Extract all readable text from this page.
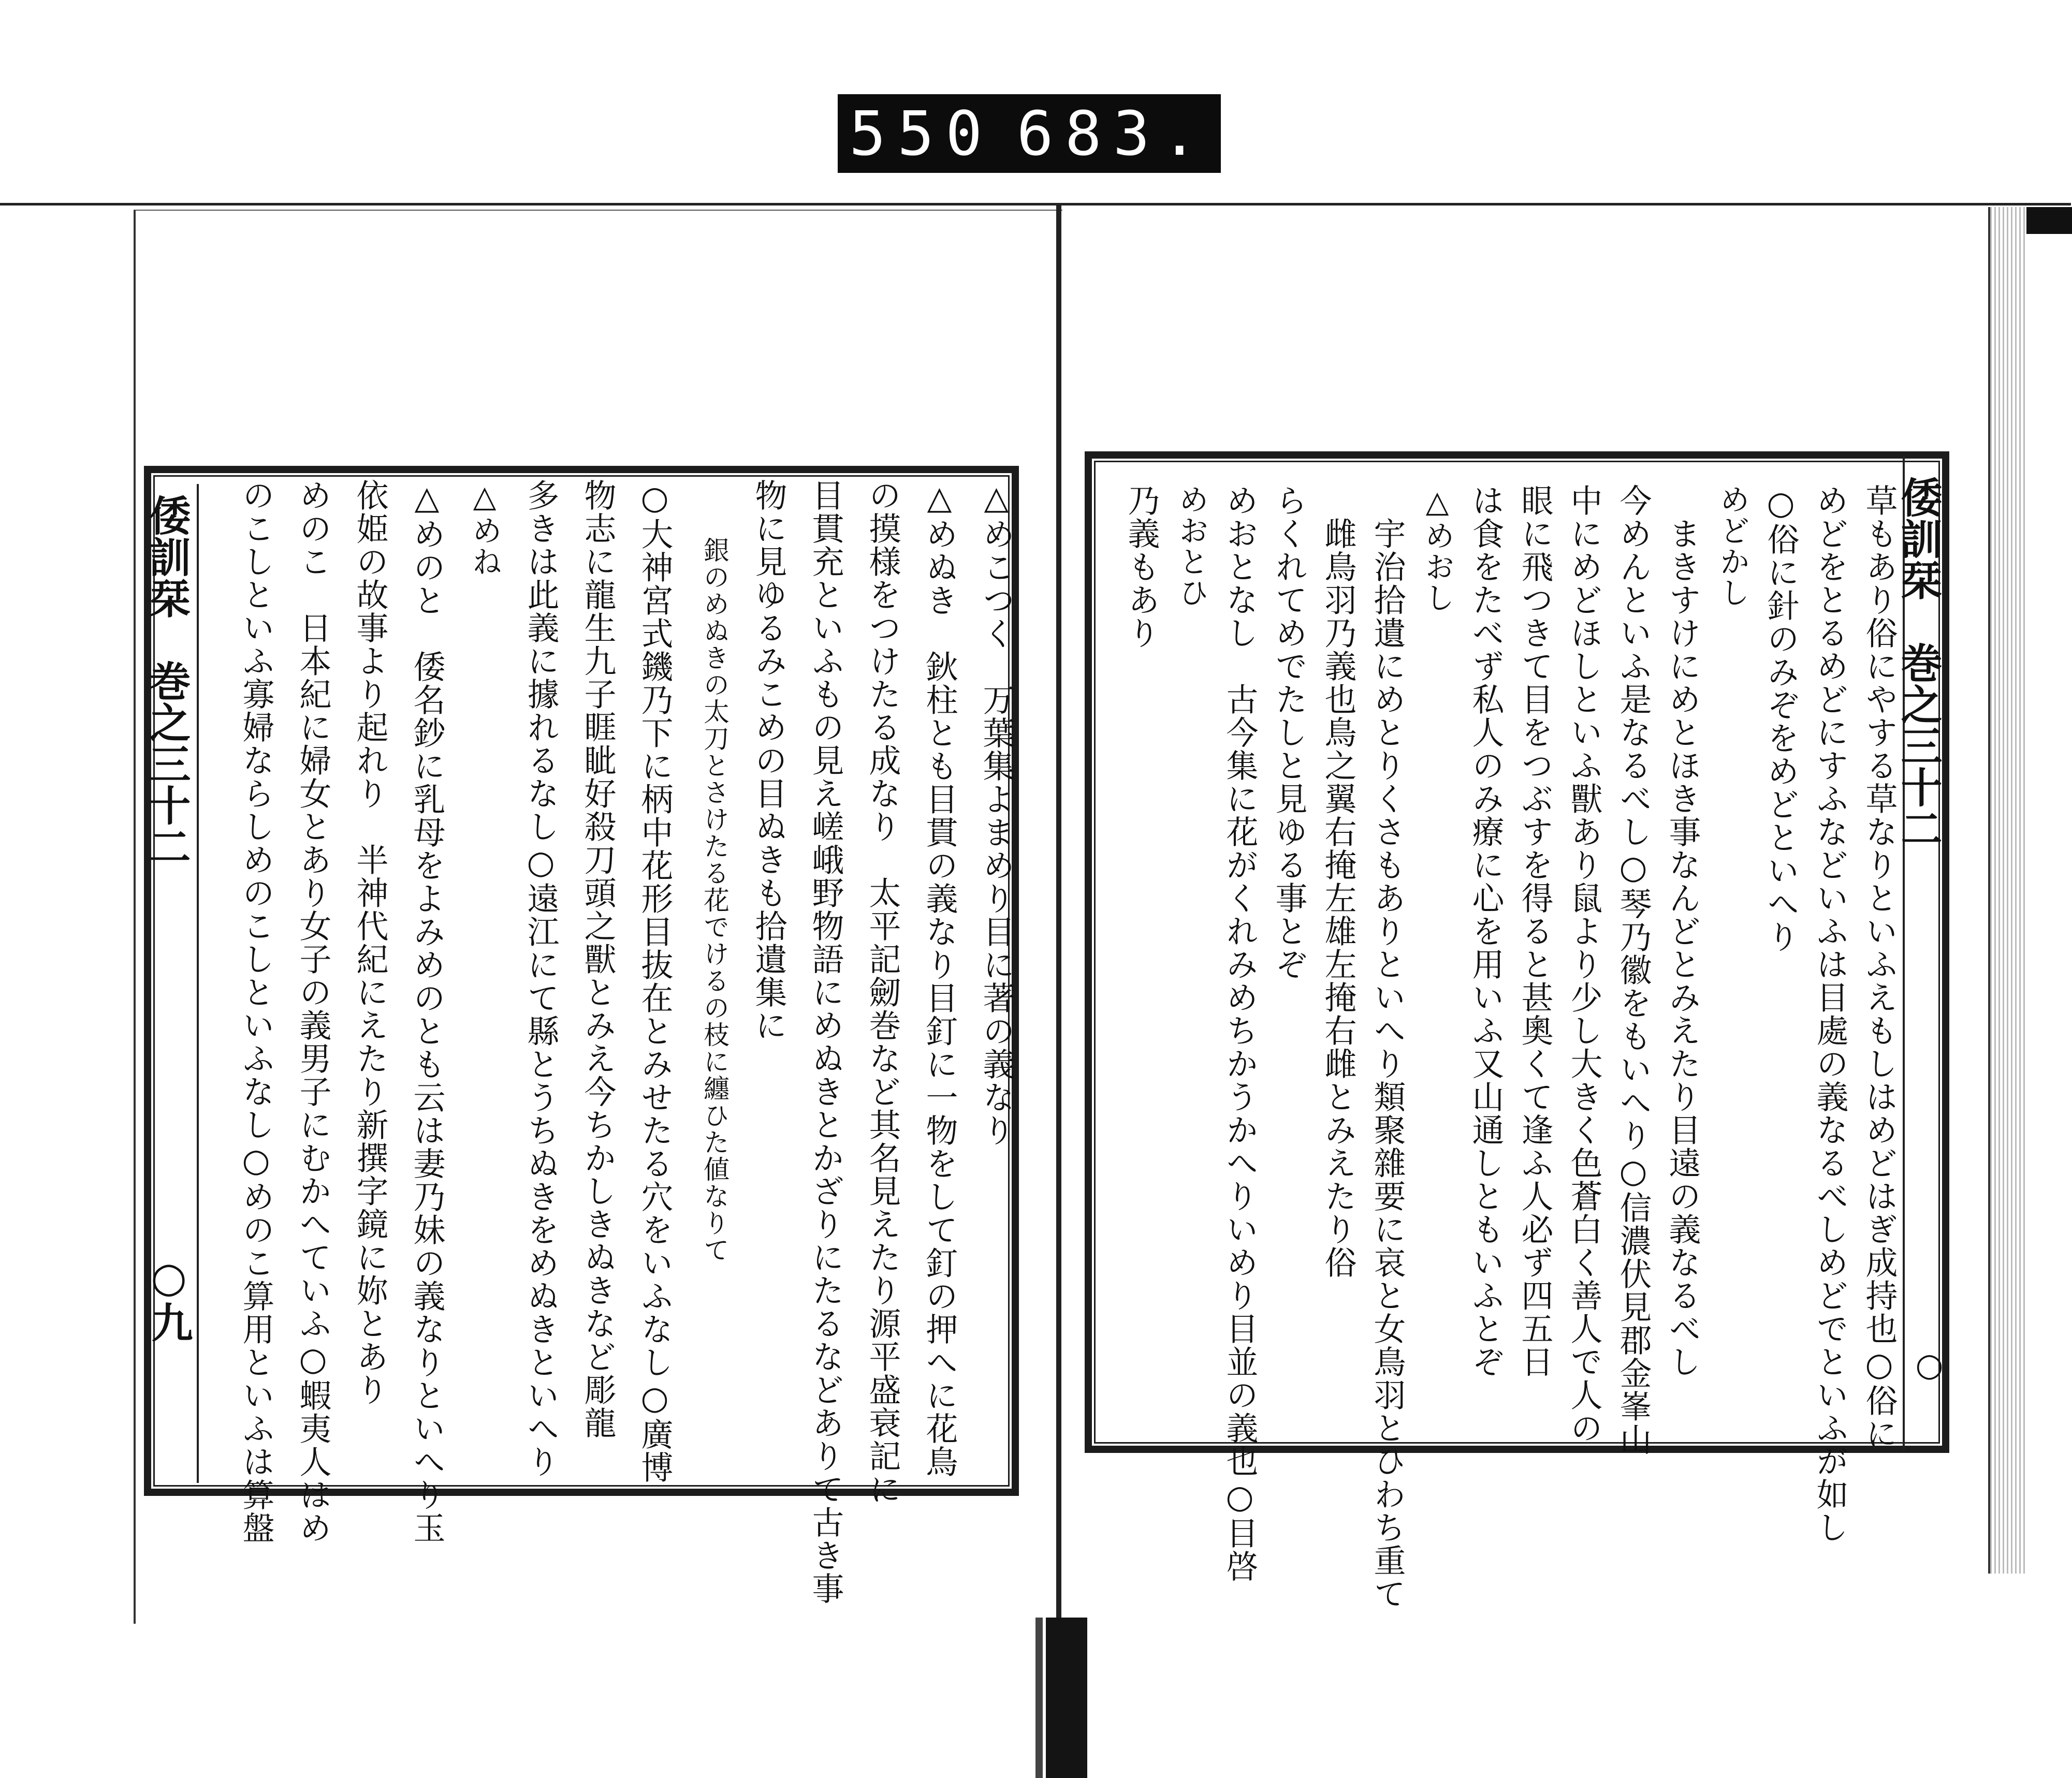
550 683.
倭訓栞　巻之三十二
○九
△めこつく　万葉集よまめり目に著の義なり
△めぬき　鈥柱とも目貫の義なり目釘に一物をして釘の押へに花鳥
の摸様をつけたる成なり　太平記劒巻など其名見えたり源平盛衰記に
目貫充といふもの見え嵯峨野物語にめぬきとかざりにたるなどありて古き事
物に見ゆるみこめの目ぬきも拾遺集に
　銀のめぬきの太刀とさけたる花でけるの枝に纏ひた値なりて
○大神宮式鐖乃下に柄中花形目抜在とみせたる穴をいふなし○廣博
物志に龍生九子睚眦好殺刀頭之獸とみえ今ちかしきぬきなど彫龍
多きは此義に據れるなし○遠江にて縣とうちぬきをめぬきといへり
△めね
△めのと　倭名鈔に乳母をよみめのとも云は妻乃妹の義なりといへり玉
依姫の故事より起れり　半神代紀にえたり新撰字鏡に妳とあり
めのこ　日本紀に婦女とあり女子の義男子にむかへていふ○蝦夷人はめ
のこしといふ寡婦ならしめのこしといふなし○めのこ算用といふは算盤	倭訓栞　巻之三十二
○
草もあり俗にやする草なりといふえもしはめどはぎ成持也○俗に
めどをとるめどにすふなどいふは目處の義なるべしめどでといふが如し
○俗に針のみぞをめどといへり
めどかし
　まきすけにめとほき事なんどとみえたり目遠の義なるべし
今めんといふ是なるべし○琴乃徽をもいへり○信濃伏見郡金峯山
中にめどほしといふ獸あり鼠より少し大きく色蒼白く善人で人の
眼に飛つきて目をつぶすを得ると甚奧くて逢ふ人必ず四五日
は食をたべず私人のみ療に心を用いふ又山通しともいふとぞ
△めおし
　宇治拾遺にめとりくさもありといへり類聚雜要に哀と女鳥羽とひわち重て
　雌鳥羽乃義也鳥之翼右掩左雄左掩右雌とみえたり俗
らくれてめでたしと見ゆる事とぞ
めおとなし　古今集に花がくれみめちかうかへりいめり目並の義也○目啓
めおとひ
乃義もあり
